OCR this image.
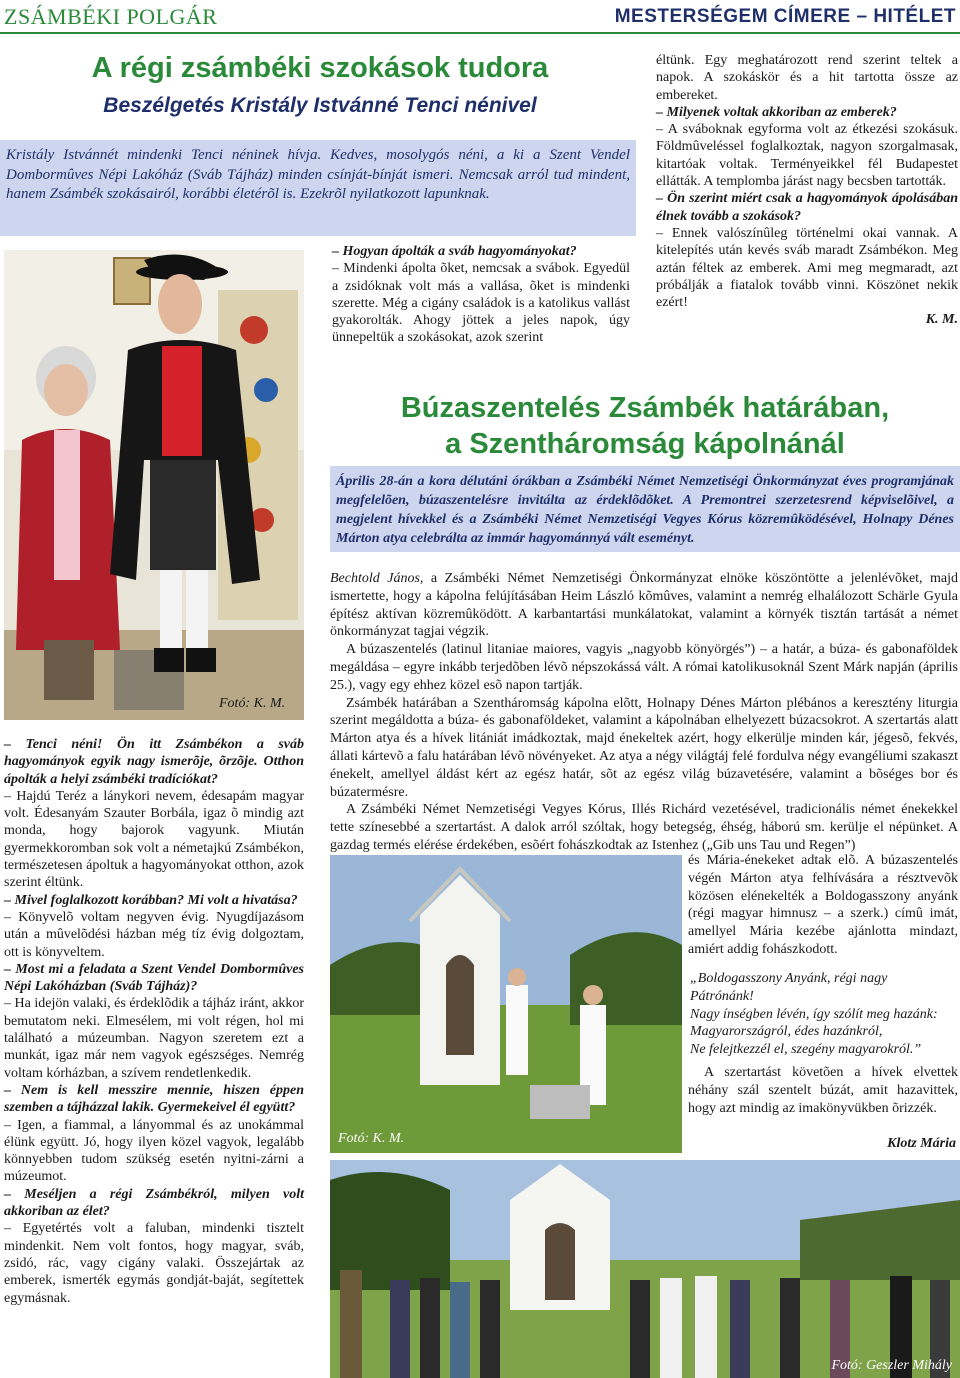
ZSÁMBÉKI POLGÁR	MESTERSÉGEM CÍMERE – HITÉLET
A régi zsámbéki szokások tudora
Beszélgetés Kristály Istvánné Tenci nénivel
Kristály Istvánnét mindenki Tenci néninek hívja. Kedves, mosolygós néni, a ki a Szent Vendel Dombormûves Népi Lakóház (Sváb Tájház) minden csínját-bínját ismeri. Nemcsak arról tud mindent, hanem Zsámbék szokásairól, korábbi életérõl is. Ezekrõl nyilatkozott lapunknak.
Fotó: K. M.

– Tenci néni! Ön itt Zsámbékon a sváb hagyományok egyik nagy ismerõje, õrzõje. Otthon ápolták a helyi zsámbéki tradíciókat?

– Hajdú Teréz a lánykori nevem, édesapám magyar volt. Édesanyám Szauter Borbála, igaz õ mindig azt monda, hogy bajorok vagyunk. Miután gyermekkoromban sok volt a németajkú Zsámbékon, természetesen ápoltuk a hagyományokat otthon, azok szerint éltünk.

– Mivel foglalkozott korábban? Mi volt a hivatása?

– Könyvelõ voltam negyven évig. Nyugdíjazásom után a mûvelõdési házban még tíz évig dolgoztam, ott is könyveltem.

– Most mi a feladata a Szent Vendel Dombormûves Népi Lakóházban (Sváb Tájház)?

– Ha idejön valaki, és érdeklõdik a tájház iránt, akkor bemutatom neki. Elmesélem, mi volt régen, hol mi található a múzeumban. Nagyon szeretem ezt a munkát, igaz már nem vagyok egészséges. Nemrég voltam kórházban, a szívem rendetlenkedik.

– Nem is kell messzire mennie, hiszen éppen szemben a tájházzal lakik. Gyermekeivel él együtt?

– Igen, a fiammal, a lányommal és az unokámmal élünk együtt. Jó, hogy ilyen közel vagyok, legalább könnyebben tudom szükség esetén nyitni-zárni a múzeumot.

– Meséljen a régi Zsámbékról, milyen volt akkoriban az élet?

– Egyetértés volt a faluban, mindenki tisztelt mindenkit. Nem volt fontos, hogy magyar, sváb, zsidó, rác, vagy cigány valaki. Összejártak az emberek, ismerték egymás gondját-baját, segítettek egymásnak.

– Hogyan ápolták a sváb hagyományokat?

– Mindenki ápolta õket, nemcsak a svábok. Egyedül a zsidóknak volt más a vallása, õket is mindenki szerette. Még a cigány családok is a katolikus vallást gyakorolták. Ahogy jöttek a jeles napok, úgy ünnepeltük a szokásokat, azok szerint

éltünk. Egy meghatározott rend szerint teltek a napok. A szokáskör és a hit tartotta össze az embereket.

– Milyenek voltak akkoriban az emberek?

– A sváboknak egyforma volt az étkezési szokásuk. Földmûveléssel foglalkoztak, nagyon szorgalmasak, kitartóak voltak. Terményeikkel fél Budapestet ellátták. A templomba járást nagy becsben tartották.

– Ön szerint miért csak a hagyományok ápolásában élnek tovább a szokások?

– Ennek valószínûleg történelmi okai vannak. A kitelepítés után kevés sváb maradt Zsámbékon. Meg aztán féltek az emberek. Ami meg megmaradt, azt próbálják a fiatalok tovább vinni. Köszönet nekik ezért!

K. M.

Búzaszentelés Zsámbék határában,
a Szentháromság kápolnánál
Április 28-án a kora délutáni órákban a Zsámbéki Német Nemzetiségi Önkormányzat éves programjának megfelelõen, búzaszentelésre invitálta az érdeklõdõket. A Premontrei szerzetesrend képviselõivel, a megjelent hívekkel és a Zsámbéki Német Nemzetiségi Vegyes Kórus közremûködésével, Holnapy Dénes Márton atya celebrálta az immár hagyománnyá vált eseményt.

Bechtold János, a Zsámbéki Német Nemzetiségi Önkormányzat elnöke köszöntötte a jelenlévõket, majd ismertette, hogy a kápolna felújításában Heim László kõmûves, valamint a nemrég elhalálozott Schärle Gyula építész aktívan közremûködött. A karbantartási munkálatokat, valamint a környék tisztán tartását a német önkormányzat tagjai végzik.

A búzaszentelés (latinul litaniae maiores, vagyis „nagyobb könyörgés”) – a határ, a búza- és gabonaföldek megáldása – egyre inkább terjedõben lévõ népszokássá vált. A római katolikusoknál Szent Márk napján (április 25.), vagy egy ehhez közel esõ napon tartják.

Zsámbék határában a Szentháromság kápolna elõtt, Holnapy Dénes Márton plébános a keresztény liturgia szerint megáldotta a búza- és gabonaföldeket, valamint a kápolnában elhelyezett búzacsokrot. A szertartás alatt Márton atya és a hívek litániát imádkoztak, majd énekeltek azért, hogy elkerülje minden kár, jégesõ, fekvés, állati kártevõ a falu határában lévõ növényeket. Az atya a négy világtáj felé fordulva négy evangéliumi szakaszt énekelt, amellyel áldást kért az egész határ, sõt az egész világ búzavetésére, valamint a bõséges bor és búzatermésre.

A Zsámbéki Német Nemzetiségi Vegyes Kórus, Illés Richárd vezetésével, tradicionális német énekekkel tette színesebbé a szertartást. A dalok arról szóltak, hogy betegség, éhség, háború sm. kerülje el népünket. A gazdag termés elérése érdekében, esõért fohászkodtak az Istenhez („Gib uns Tau und Regen”)

és Mária-énekeket adtak elõ. A búzaszentelés végén Márton atya felhívására a résztvevõk közösen elénekelték a Boldogasszony anyánk (régi magyar himnusz – a szerk.) címû imát, amellyel Mária kezébe ajánlotta mindazt, amiért addig fohászkodott.

„Boldogasszony Anyánk, régi nagy
Pátrónánk!
Nagy ínségben lévén, így szólít meg hazánk:
Magyarországról, édes hazánkról,
Ne felejtkezzél el, szegény magyarokról.”
A szertartást követõen a hívek elvettek néhány szál szentelt búzát, amit hazavittek, hogy azt mindig az imakönyvükben õrizzék.
Klotz Mária
Fotó: K. M.
Fotó: Geszler Mihály
